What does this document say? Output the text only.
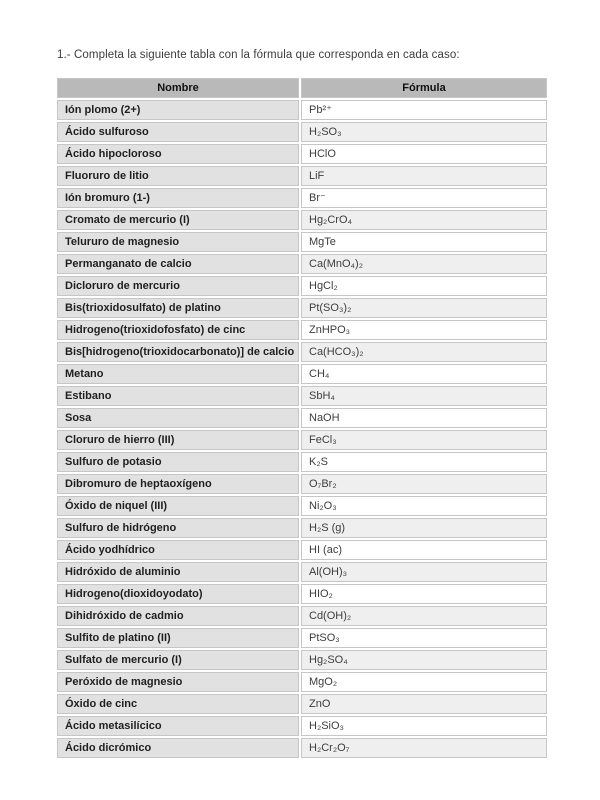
1.- Completa la siguiente tabla con la fórmula que corresponda en cada caso:

Nombre	Fórmula
Ión plomo (2+)	Pb²⁺
Ácido sulfuroso	H₂SO₃
Ácido hipocloroso	HClO
Fluoruro de litio	LiF
Ión bromuro (1-)	Br⁻
Cromato de mercurio (I)	Hg₂CrO₄
Telururo de magnesio	MgTe
Permanganato de calcio	Ca(MnO₄)₂
Dicloruro de mercurio	HgCl₂
Bis(trioxidosulfato) de platino	Pt(SO₃)₂
Hidrogeno(trioxidofosfato) de cinc	ZnHPO₃
Bis[hidrogeno(trioxidocarbonato)] de calcio	Ca(HCO₃)₂
Metano	CH₄
Estibano	SbH₄
Sosa	NaOH
Cloruro de hierro (III)	FeCl₃
Sulfuro de potasio	K₂S
Dibromuro de heptaoxígeno	O₇Br₂
Óxido de niquel (III)	Ni₂O₃
Sulfuro de hidrógeno	H₂S (g)
Ácido yodhídrico	HI (ac)
Hidróxido de aluminio	Al(OH)₃
Hidrogeno(dioxidoyodato)	HIO₂
Dihidróxido de cadmio	Cd(OH)₂
Sulfito de platino (II)	PtSO₃
Sulfato de mercurio (I)	Hg₂SO₄
Peróxido de magnesio	MgO₂
Óxido de cinc	ZnO
Ácido metasilícico	H₂SiO₃
Ácido dicrómico	H₂Cr₂O₇
